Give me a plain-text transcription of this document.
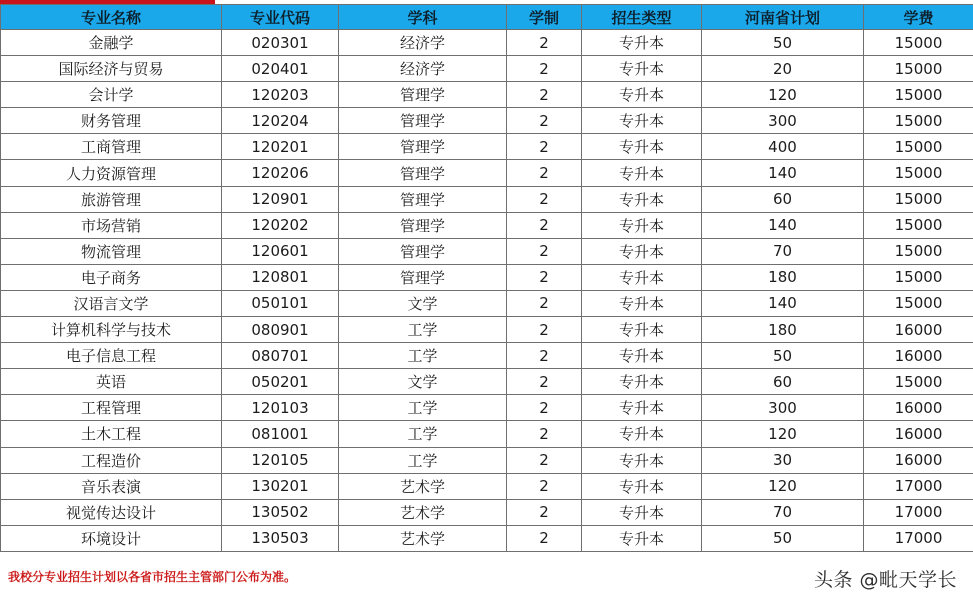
专业名称	专业代码	学科	学制	招生类型	河南省计划	学费
金融学	020301	经济学	2	专升本	50	15000
国际经济与贸易	020401	经济学	2	专升本	20	15000
会计学	120203	管理学	2	专升本	120	15000
财务管理	120204	管理学	2	专升本	300	15000
工商管理	120201	管理学	2	专升本	400	15000
人力资源管理	120206	管理学	2	专升本	140	15000
旅游管理	120901	管理学	2	专升本	60	15000
市场营销	120202	管理学	2	专升本	140	15000
物流管理	120601	管理学	2	专升本	70	15000
电子商务	120801	管理学	2	专升本	180	15000
汉语言文学	050101	文学	2	专升本	140	15000
计算机科学与技术	080901	工学	2	专升本	180	16000
电子信息工程	080701	工学	2	专升本	50	16000
英语	050201	文学	2	专升本	60	15000
工程管理	120103	工学	2	专升本	300	16000
土木工程	081001	工学	2	专升本	120	16000
工程造价	120105	工学	2	专升本	30	16000
音乐表演	130201	艺术学	2	专升本	120	17000
视觉传达设计	130502	艺术学	2	专升本	70	17000
环境设计	130503	艺术学	2	专升本	50	17000
我校分专业招生计划以各省市招生主管部门公布为准。	头条 @毗天学长
